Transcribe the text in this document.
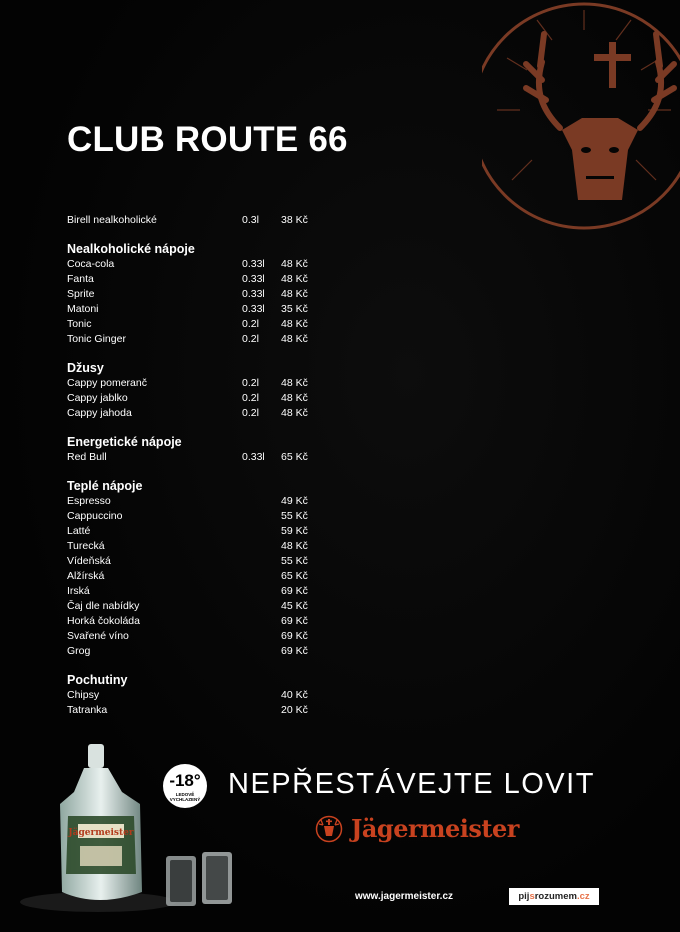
CLUB ROUTE 66
Birell nealkoholické	0.3l 38 Kč
Nealkoholické nápoje
Coca-cola	0.33l 48 Kč
Fanta	0.33l 48 Kč
Sprite	0.33l 48 Kč
Matoni	0.33l 35 Kč
Tonic	0.2l 48 Kč
Tonic Ginger	0.2l 48 Kč
Džusy
Cappy pomeranč	0.2l 48 Kč
Cappy jablko	0.2l 48 Kč
Cappy jahoda	0.2l 48 Kč
Energetické nápoje
Red Bull	0.33l 65 Kč
Teplé nápoje
Espresso	49 Kč
Cappuccino	55 Kč
Latté	59 Kč
Turecká	48 Kč
Vídeňská	55 Kč
Alžírská	65 Kč
Irská	69 Kč
Čaj dle nabídky	45 Kč
Horká čokoláda	69 Kč
Svařené víno	69 Kč
Grog	69 Kč
Pochutiny
Chipsy	40 Kč
Tatranka	20 Kč
Jägermeister
-18°
LEDOVĚ
VYCHLAZENÝ NEPŘESTÁVEJTE LOVIT
Jägermeister
www.jagermeister.cz	pijsrozumem.cz
